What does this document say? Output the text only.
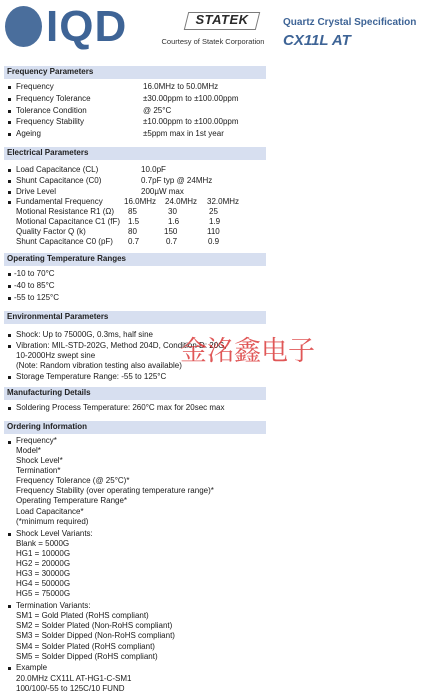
IQD	STATEK
Courtesy of Statek Corporation
Quartz Crystal Specification
CX11L AT
Frequency Parameters
Frequency	16.0MHz to 50.0MHz
Frequency Tolerance	±30.00ppm to ±100.00ppm
Tolerance Condition	@ 25°C
Frequency Stability	±10.00ppm to ±100.00ppm
Ageing	±5ppm max in 1st year
Electrical Parameters
Load Capacitance (CL)	10.0pF
Shunt Capacitance (C0)	0.7pF typ @ 24MHz
Drive Level	200µW max
Fundamental Frequency	16.0MHz 24.0MHz 32.0MHz
Motional Resistance R1 (Ω) 85	30	25
Motional Capacitance C1 (fF) 1.5	1.6	1.9
Quality Factor Q (k)	80	150	110
Shunt Capacitance C0 (pF) 0.7	0.7	0.9
Operating Temperature Ranges
-10 to 70°C
-40 to 85°C
-55 to 125°C
Environmental Parameters
Shock: Up to 75000G, 0.3ms, half sine
Vibration: MIL-STD-202G, Method 204D, Condition D: 20G,
10-2000Hz swept sine
(Note: Random vibration testing also available)
Storage Temperature Range: -55 to 125°C
Manufacturing Details
Soldering Process Temperature: 260°C max for 20sec max
Ordering Information
Frequency*
Model*
Shock Level*
Termination*
Frequency Tolerance (@ 25°C)*
Frequency Stability (over operating temperature range)*
Operating Temperature Range*
Load Capacitance*
(*minimum required)
Shock Level Variants:
Blank = 5000G
HG1 = 10000G
HG2 = 20000G
HG3 = 30000G
HG4 = 50000G
HG5 = 75000G
Termination Variants:
SM1 = Gold Plated (RoHS compliant)
SM2 = Solder Plated (Non-RoHS compliant)
SM3 = Solder Dipped (Non-RoHS compliant)
SM4 = Solder Plated (RoHS compliant)
SM5 = Solder Dipped (RoHS compliant)
Example
20.0MHz CX11L AT-HG1-C-SM1
100/100/-55 to 125C/10 FUND
金洺鑫电子
